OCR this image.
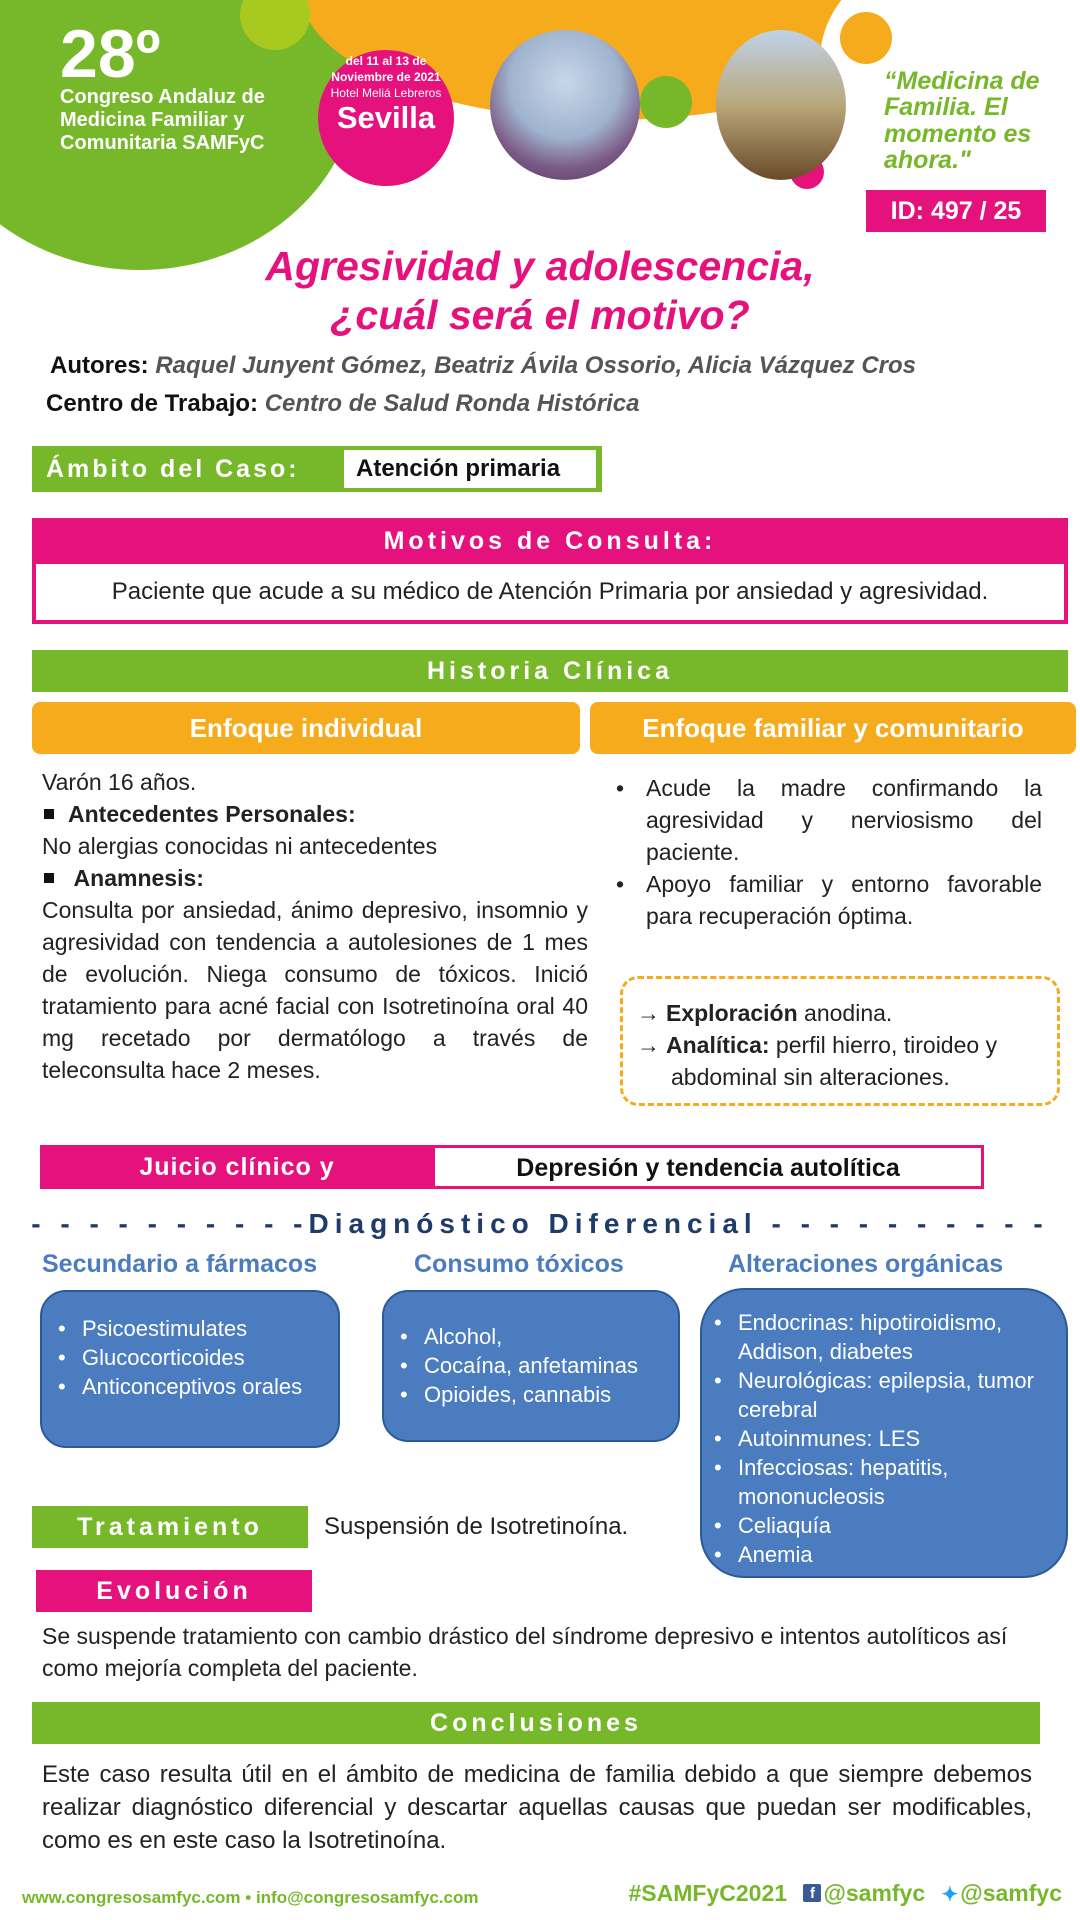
28º
Congreso Andaluz de Medicina Familiar y Comunitaria SAMFyC
del 11 al 13 de
Noviembre de 2021
Hotel Meliá Lebreros
Sevilla
“Medicina de Familia. El momento es ahora."
ID: 497 / 25
Agresividad y adolescencia,
¿cuál será el motivo?
Autores: Raquel Junyent Gómez, Beatriz Ávila Ossorio, Alicia Vázquez Cros
Centro de Trabajo: Centro de Salud Ronda Histórica
Ámbito del Caso:	Atención primaria
Motivos de Consulta:
Paciente que acude a su médico de Atención Primaria por ansiedad y agresividad.
Historia Clínica
Enfoque individual	Enfoque familiar y comunitario
Varón 16 años.
Antecedentes Personales:
No alergias conocidas ni antecedentes
Anamnesis:
Consulta por ansiedad, ánimo depresivo, insomnio y agresividad con tendencia a autolesiones de 1 mes de evolución. Niega consumo de tóxicos. Inició tratamiento para acné facial con Isotretinoína oral 40 mg recetado por dermatólogo a través de teleconsulta hace 2 meses.
• Acude la madre confirmando la agresividad y nerviosismo del paciente.
• Apoyo familiar y entorno favorable para recuperación óptima.
→ Exploración anodina.
→ Analítica: perfil hierro, tiroideo y abdominal sin alteraciones.
Juicio clínico y	Depresión y tendencia autolítica
- - - - - - - - - -Diagnóstico Diferencial - - - - - - - - - -
Secundario a fármacos	Consumo tóxicos	Alteraciones orgánicas
• Psicoestimulates
• Glucocorticoides
• Anticonceptivos orales
• Alcohol,
• Cocaína, anfetaminas
• Opioides, cannabis
• Endocrinas: hipotiroidismo, Addison, diabetes
• Neurológicas: epilepsia, tumor cerebral
• Autoinmunes: LES
• Infecciosas: hepatitis, mononucleosis
• Celiaquía
• Anemia
Tratamiento	Suspensión de Isotretinoína.
Evolución
Se suspende tratamiento con cambio drástico del síndrome depresivo e intentos autolíticos así como mejoría completa del paciente.
Conclusiones
Este caso resulta útil en el ámbito de medicina de familia debido a que siempre debemos realizar diagnóstico diferencial y descartar aquellas causas que puedan ser modificables, como es en este caso la Isotretinoína.
www.congresosamfyc.com • info@congresosamfyc.com	#SAMFyC2021 f @samfyc ✦@samfyc
